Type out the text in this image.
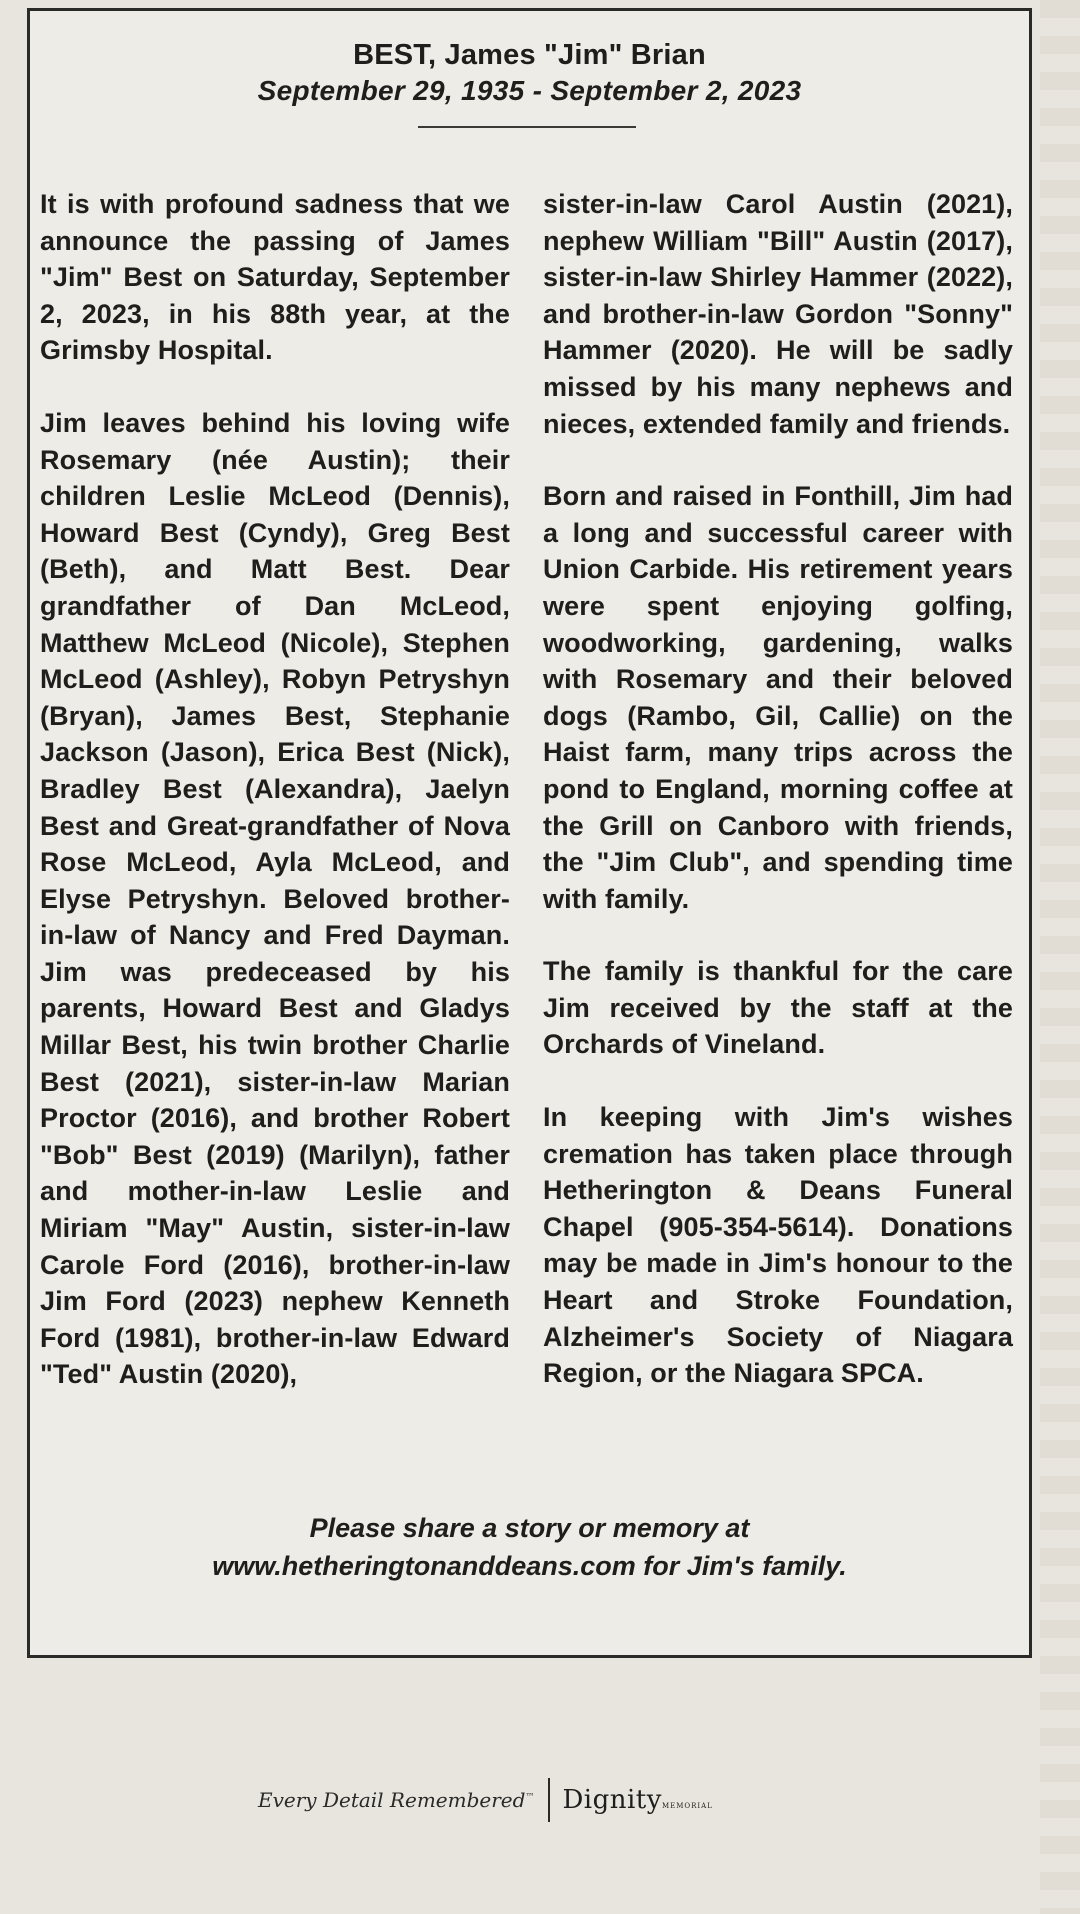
BEST, James "Jim" Brian
September 29, 1935 - September 2, 2023

It is with profound sadness that we announce the passing of James "Jim" Best on Saturday, September 2, 2023, in his 88th year, at the Grimsby Hospital.

Jim leaves behind his loving wife Rosemary (née Austin); their children Leslie McLeod (Dennis), Howard Best (Cyndy), Greg Best (Beth), and Matt Best. Dear grandfather of Dan McLeod, Matthew McLeod (Nicole), Stephen McLeod (Ashley), Robyn Petryshyn (Bryan), James Best, Stephanie Jackson (Jason), Erica Best (Nick), Bradley Best (Alexandra), Jaelyn Best and Great-grandfather of Nova Rose McLeod, Ayla McLeod, and Elyse Petryshyn. Beloved brother-in-law of Nancy and Fred Dayman. Jim was predeceased by his parents, Howard Best and Gladys Millar Best, his twin brother Charlie Best (2021), sister-in-law Marian Proctor (2016), and brother Robert "Bob" Best (2019) (Marilyn), father and mother-in-law Leslie and Miriam "May" Austin, sister-in-law Carole Ford (2016), brother-in-law Jim Ford (2023) nephew Kenneth Ford (1981), brother-in-law Edward "Ted" Austin (2020),

Please share a story or memory at
www.hetheringtonanddeans.com for Jim's family.

sister-in-law Carol Austin (2021), nephew William "Bill" Austin (2017), sister-in-law Shirley Hammer (2022), and brother-in-law Gordon "Sonny" Hammer (2020). He will be sadly missed by his many nephews and nieces, extended family and friends.

Born and raised in Fonthill, Jim had a long and successful career with Union Carbide. His retirement years were spent enjoying golfing, woodworking, gardening, walks with Rosemary and their beloved dogs (Rambo, Gil, Callie) on the Haist farm, many trips across the pond to England, morning coffee at the Grill on Canboro with friends, the "Jim Club", and spending time with family.

The family is thankful for the care Jim received by the staff at the Orchards of Vineland.

In keeping with Jim's wishes cremation has taken place through Hetherington & Deans Funeral Chapel (905-354-5614). Donations may be made in Jim's honour to the Heart and Stroke Foundation, Alzheimer's Society of Niagara Region, or the Niagara SPCA.

Every Detail Remembered™	DignityMEMORIAL
